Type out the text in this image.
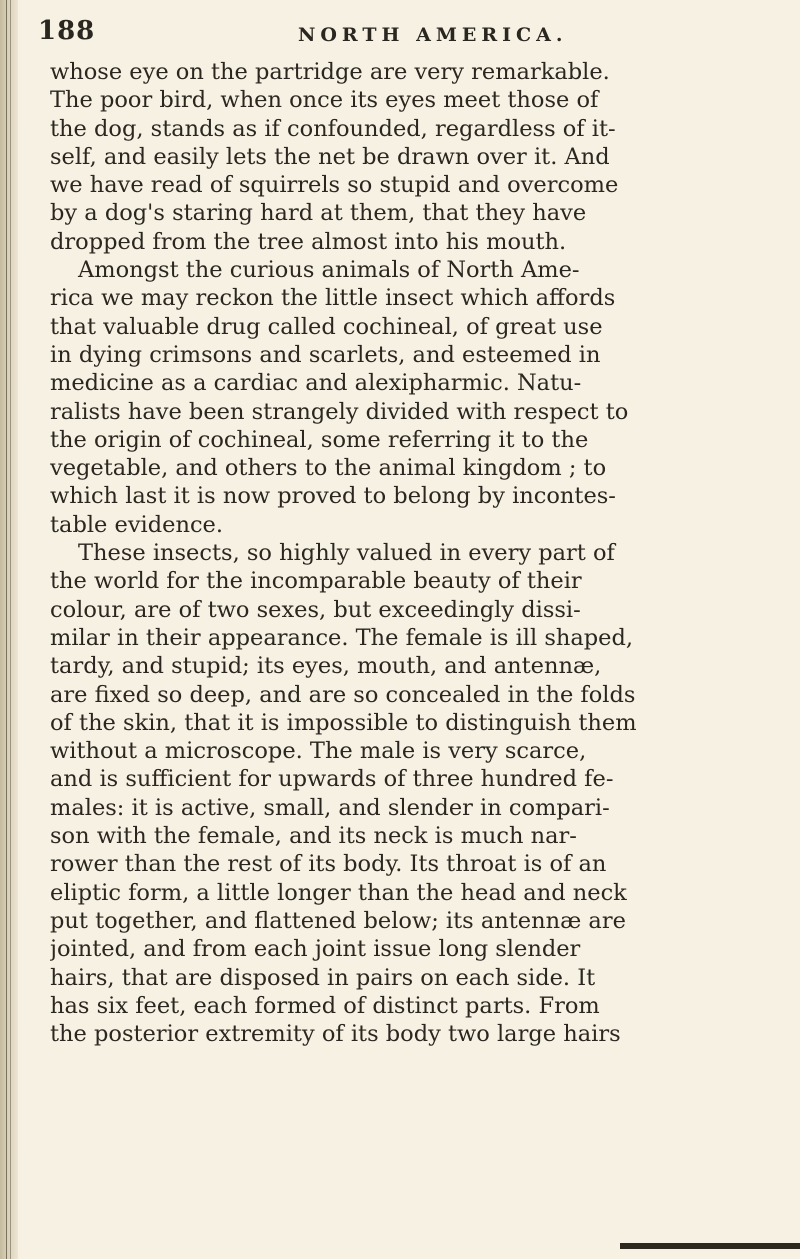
188	NORTH AMERICA.
whose eye on the partridge are very remarkable.
The poor bird, when once its eyes meet those of
the dog, stands as if confounded, regardless of it-
self, and easily lets the net be drawn over it. And
we have read of squirrels so stupid and overcome
by a dog's staring hard at them, that they have
dropped from the tree almost into his mouth.
Amongst the curious animals of North Ame-
rica we may reckon the little insect which affords
that valuable drug called cochineal, of great use
in dying crimsons and scarlets, and esteemed in
medicine as a cardiac and alexipharmic. Natu-
ralists have been strangely divided with respect to
the origin of cochineal, some referring it to the
vegetable, and others to the animal kingdom ; to
which last it is now proved to belong by incontes-
table evidence.
These insects, so highly valued in every part of
the world for the incomparable beauty of their
colour, are of two sexes, but exceedingly dissi-
milar in their appearance. The female is ill shaped,
tardy, and stupid; its eyes, mouth, and antennæ,
are fixed so deep, and are so concealed in the folds
of the skin, that it is impossible to distinguish them
without a microscope. The male is very scarce,
and is sufficient for upwards of three hundred fe-
males: it is active, small, and slender in compari-
son with the female, and its neck is much nar-
rower than the rest of its body. Its throat is of an
eliptic form, a little longer than the head and neck
put together, and flattened below; its antennæ are
jointed, and from each joint issue long slender
hairs, that are disposed in pairs on each side. It
has six feet, each formed of distinct parts. From
the posterior extremity of its body two large hairs
